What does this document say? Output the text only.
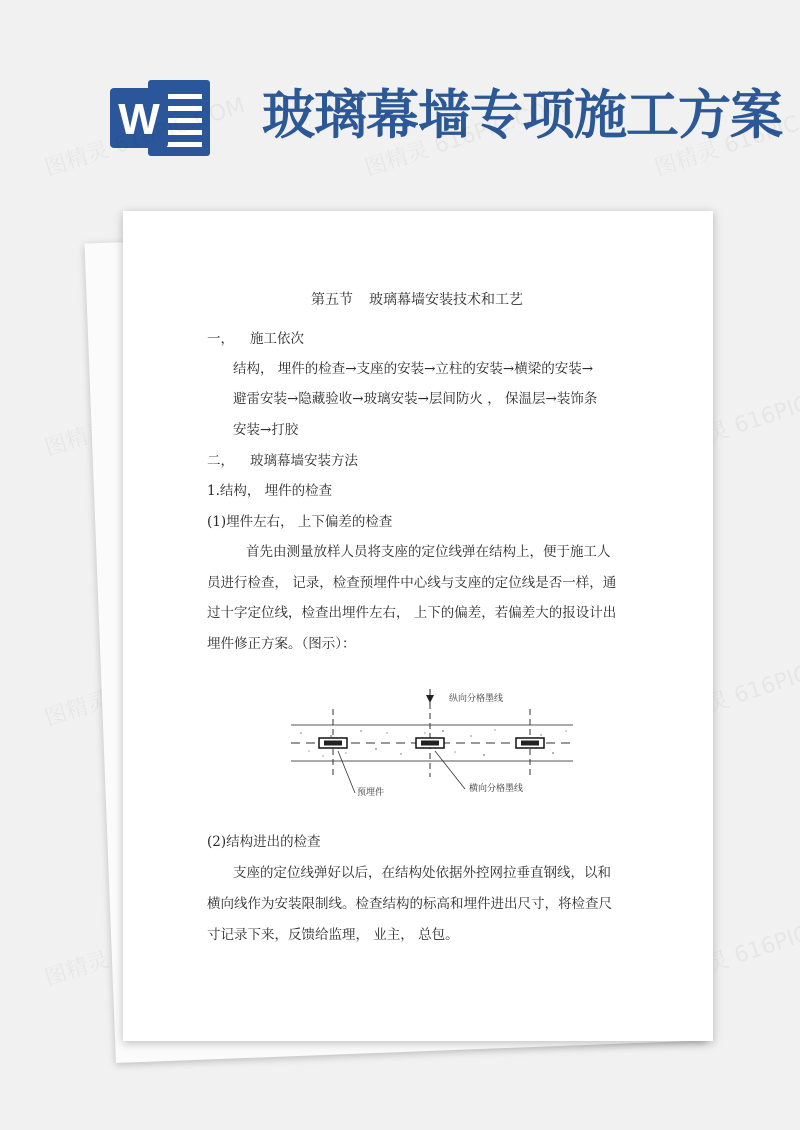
W 玻璃幕墙专项施工方案

第五节 玻璃幕墙安装技术和工艺

一， 施工依次

结构， 埋件的检查→支座的安装→立柱的安装→横梁的安装→

避雷安装→隐藏验收→玻璃安装→层间防火 ， 保温层→装饰条

安装→打胶

二， 玻璃幕墙安装方法

1.结构， 埋件的检查

(1)埋件左右， 上下偏差的检查

首先由测量放样人员将支座的定位线弹在结构上，便于施工人

员进行检查， 记录，检查预埋件中心线与支座的定位线是否一样，通

过十字定位线，检查出埋件左右， 上下的偏差，若偏差大的报设计出

埋件修正方案。（图示）：

纵向分格墨线
预埋件	横向分格墨线

(2)结构进出的检查

支座的定位线弹好以后，在结构处依据外控网拉垂直钢线，以和

横向线作为安装限制线。检查结构的标高和埋件进出尺寸，将检查尺

寸记录下来，反馈给监理， 业主， 总包。
